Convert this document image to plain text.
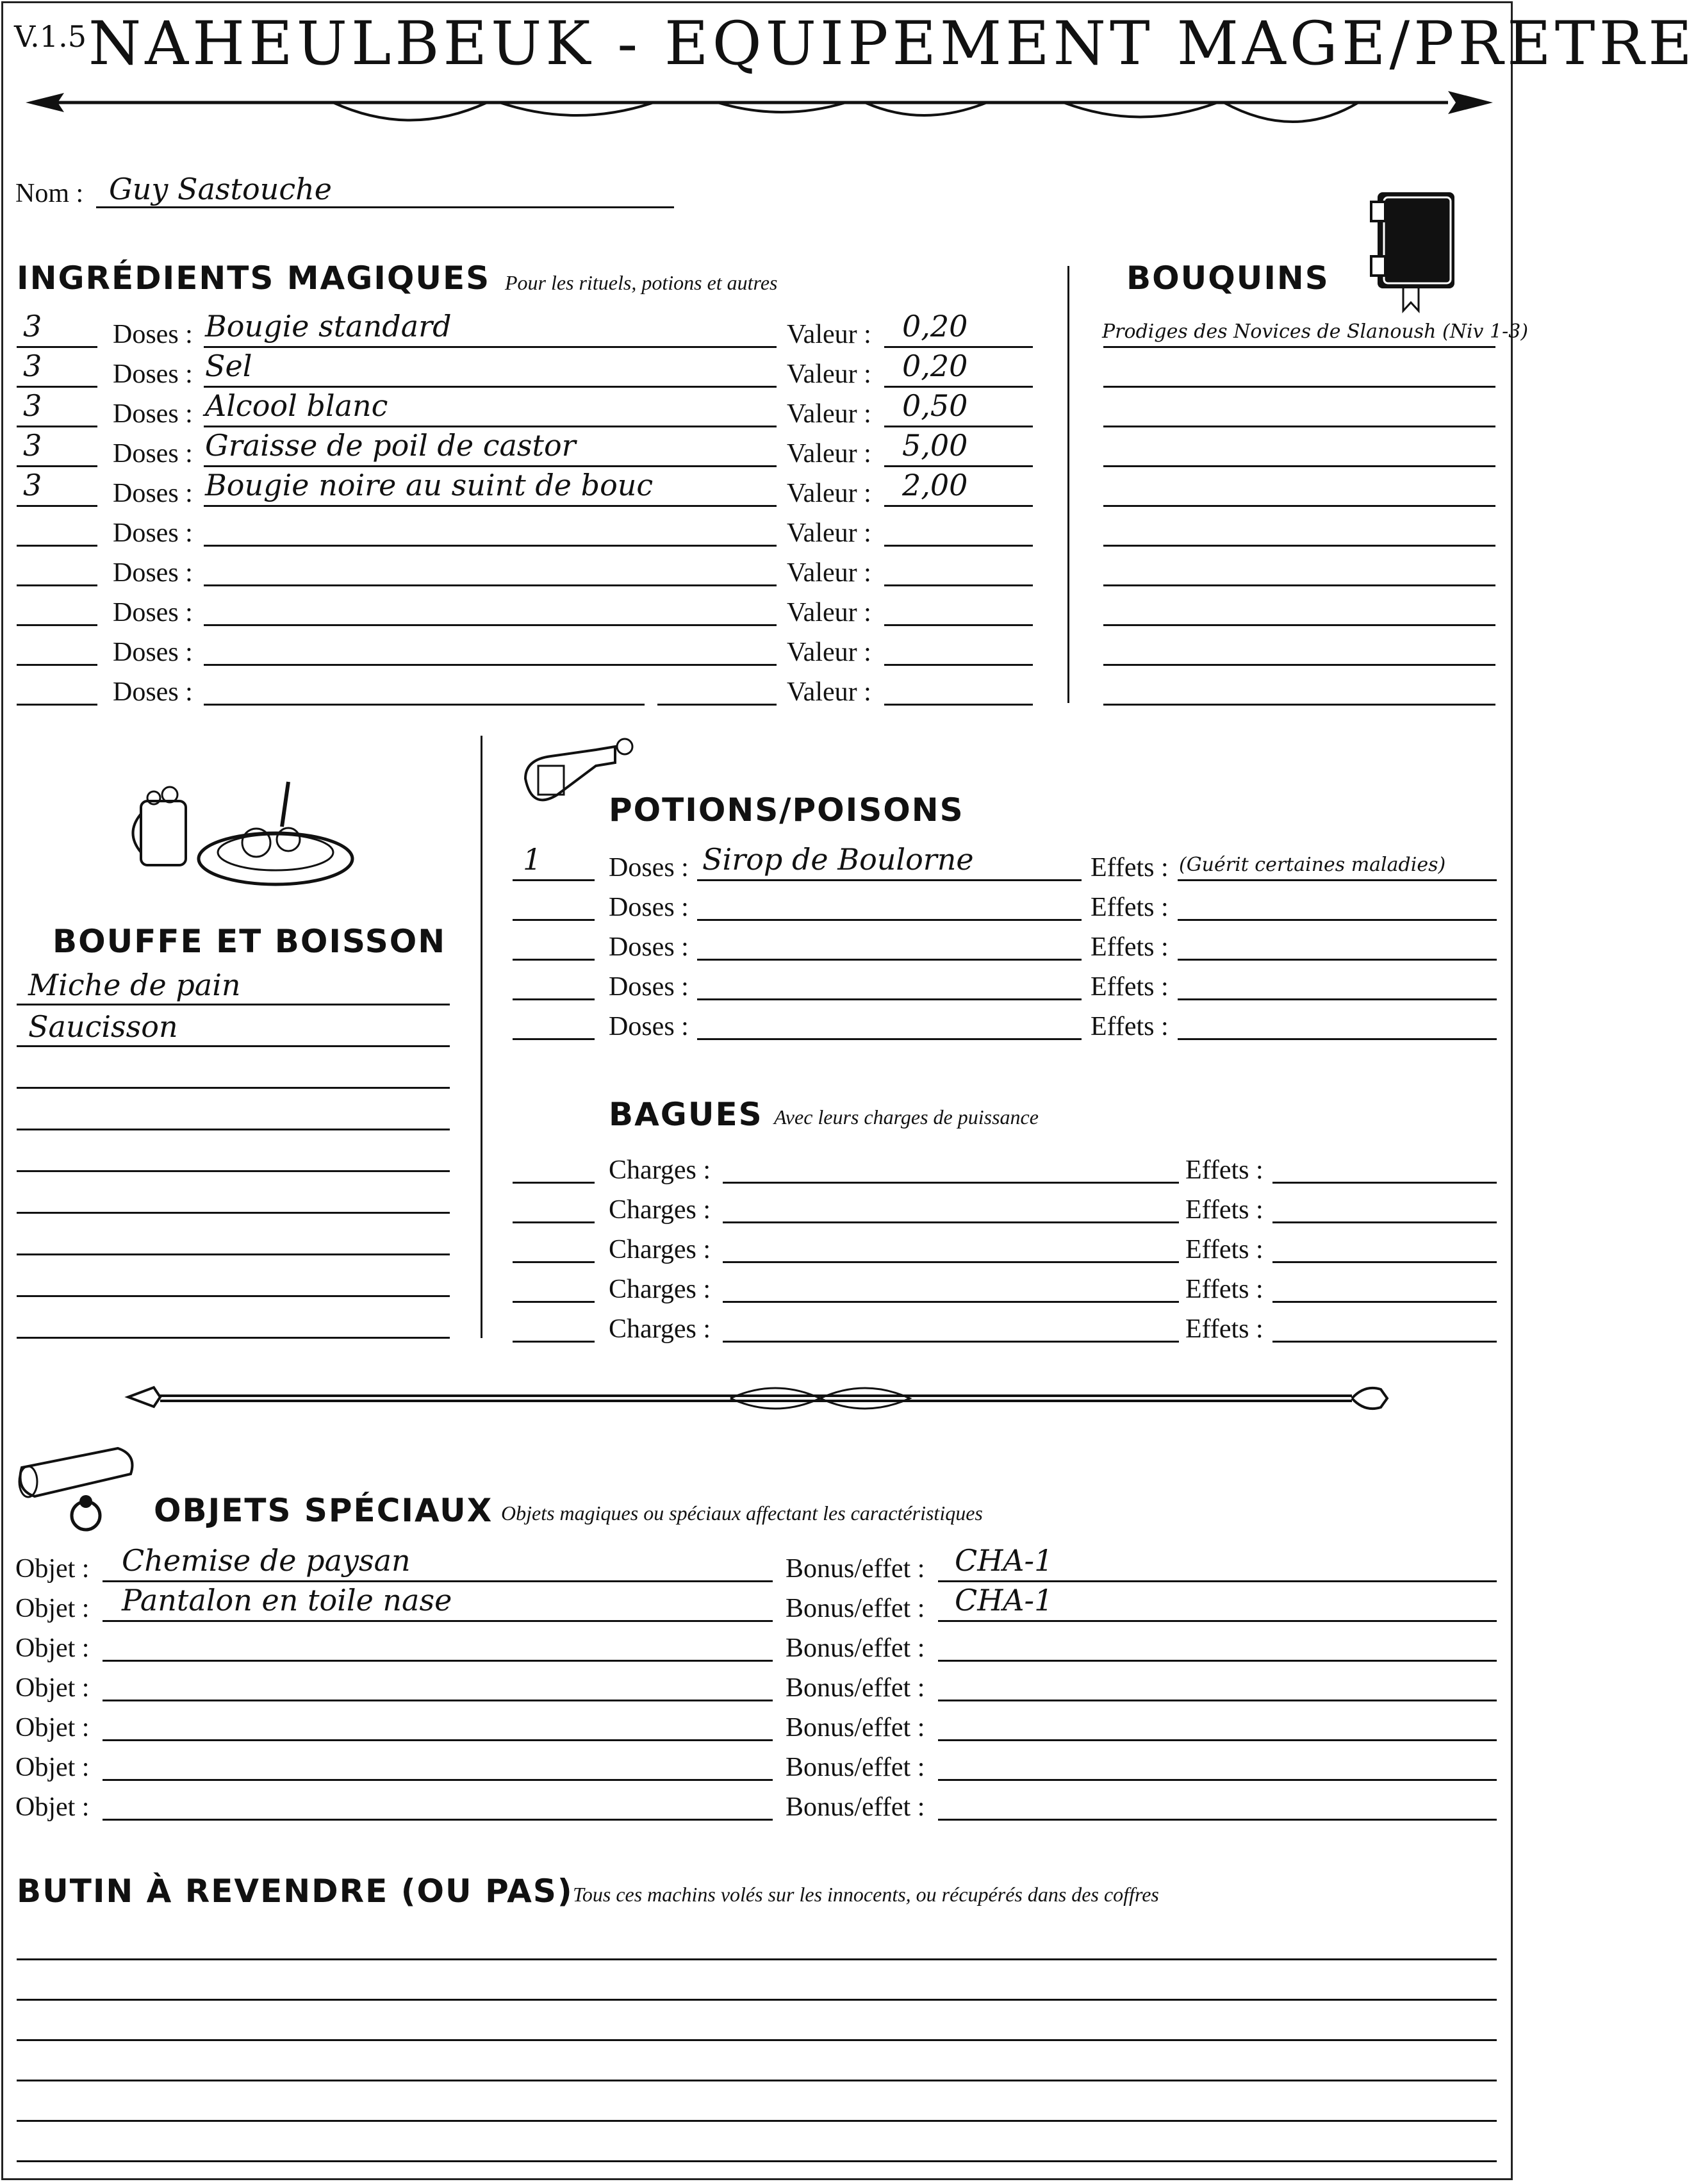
V.1.5 NAHEULBEUK - EQUIPEMENT MAGE/PRETRE
Nom : Guy Sastouche
INGRÉDIENTS MAGIQUES Pour les rituels, potions et autres
3	Doses : Bougie standard	Valeur : 0,20
3	Doses : Sel	Valeur : 0,20
3	Doses : Alcool blanc	Valeur : 0,50
3	Doses : Graisse de poil de castor	Valeur : 5,00
3	Doses : Bougie noire au suint de bouc	Valeur : 2,00
Doses :	Valeur :
Doses :	Valeur :
Doses :	Valeur :
Doses :	Valeur :
Doses :	Valeur :
BOUQUINS
Prodiges des Novices de Slanoush (Niv 1-3)
BOUFFE ET BOISSON
Miche de pain
Saucisson
POTIONS/POISONS
1 Doses : Sirop de Boulorne	Effets : (Guérit certaines maladies)
Doses :	Effets :
Doses :	Effets :
Doses :	Effets :
Doses :	Effets :
BAGUES Avec leurs charges de puissance
Charges :	Effets :
Charges :	Effets :
Charges :	Effets :
Charges :	Effets :
Charges :	Effets :
OBJETS SPÉCIAUX Objets magiques ou spéciaux affectant les caractéristiques
Objet : Chemise de paysan	Bonus/effet : CHA-1
Objet : Pantalon en toile nase	Bonus/effet : CHA-1
Objet :	Bonus/effet :
Objet :	Bonus/effet :
Objet :	Bonus/effet :
Objet :	Bonus/effet :
Objet :	Bonus/effet :
BUTIN À REVENDRE (OU PAS) Tous ces machins volés sur les innocents, ou récupérés dans des coffres
